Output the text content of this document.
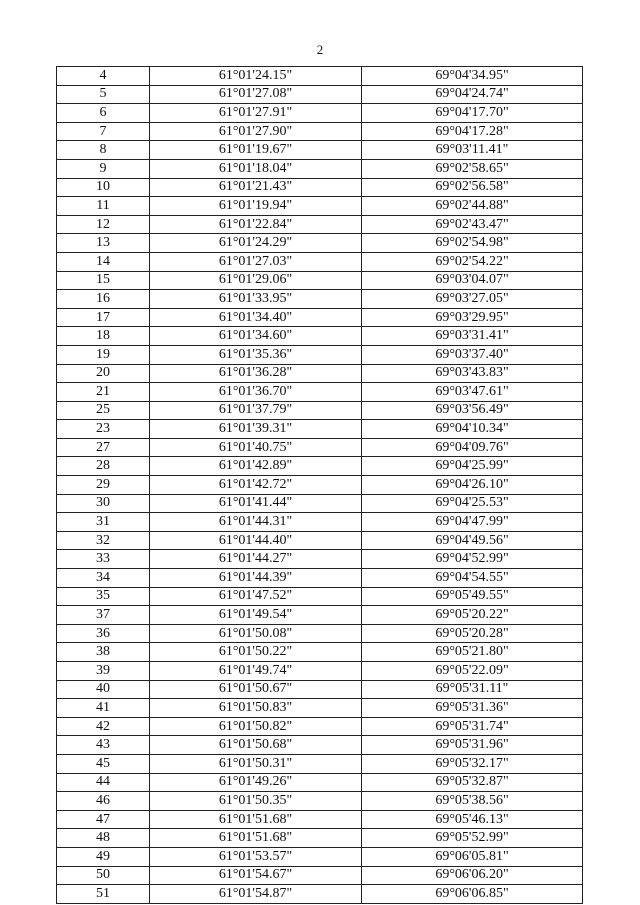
2
4	61°01'24.15"	69°04'34.95"
5	61°01'27.08"	69°04'24.74"
6	61°01'27.91"	69°04'17.70"
7	61°01'27.90"	69°04'17.28"
8	61°01'19.67"	69°03'11.41"
9	61°01'18.04"	69°02'58.65"
10	61°01'21.43"	69°02'56.58"
11	61°01'19.94"	69°02'44.88"
12	61°01'22.84"	69°02'43.47"
13	61°01'24.29"	69°02'54.98"
14	61°01'27.03"	69°02'54.22"
15	61°01'29.06"	69°03'04.07"
16	61°01'33.95"	69°03'27.05"
17	61°01'34.40"	69°03'29.95"
18	61°01'34.60"	69°03'31.41"
19	61°01'35.36"	69°03'37.40"
20	61°01'36.28"	69°03'43.83"
21	61°01'36.70"	69°03'47.61"
25	61°01'37.79"	69°03'56.49"
23	61°01'39.31"	69°04'10.34"
27	61°01'40.75"	69°04'09.76"
28	61°01'42.89"	69°04'25.99"
29	61°01'42.72"	69°04'26.10"
30	61°01'41.44"	69°04'25.53"
31	61°01'44.31"	69°04'47.99"
32	61°01'44.40"	69°04'49.56"
33	61°01'44.27"	69°04'52.99"
34	61°01'44.39"	69°04'54.55"
35	61°01'47.52"	69°05'49.55"
37	61°01'49.54"	69°05'20.22"
36	61°01'50.08"	69°05'20.28"
38	61°01'50.22"	69°05'21.80"
39	61°01'49.74"	69°05'22.09"
40	61°01'50.67"	69°05'31.11"
41	61°01'50.83"	69°05'31.36"
42	61°01'50.82"	69°05'31.74"
43	61°01'50.68"	69°05'31.96"
45	61°01'50.31"	69°05'32.17"
44	61°01'49.26"	69°05'32.87"
46	61°01'50.35"	69°05'38.56"
47	61°01'51.68"	69°05'46.13"
48	61°01'51.68"	69°05'52.99"
49	61°01'53.57"	69°06'05.81"
50	61°01'54.67"	69°06'06.20"
51	61°01'54.87"	69°06'06.85"
